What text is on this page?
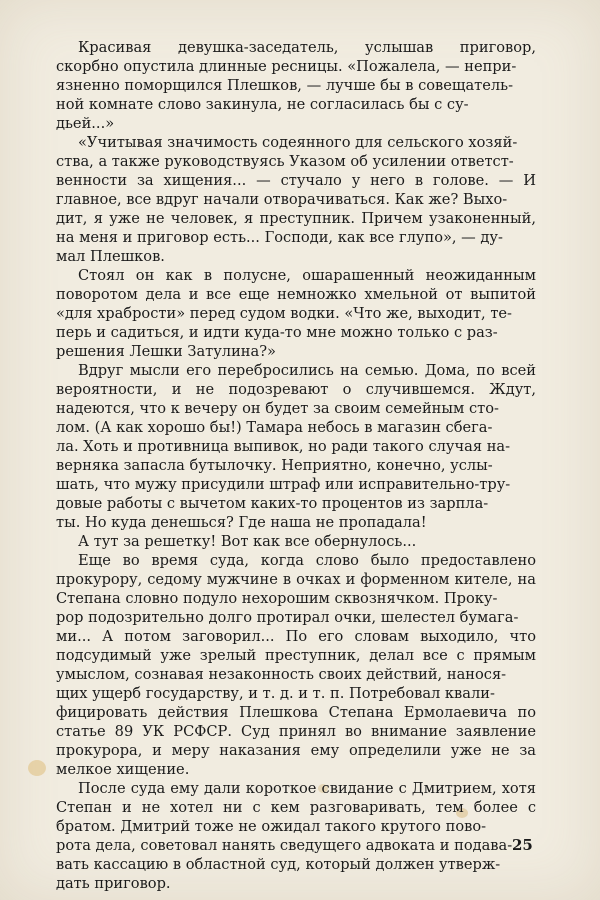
Красивая девушка-заседатель, услышав приговор, скорбно опустила длинные ресницы. «Пожалела, — непри-
язненно поморщился Плешков, — лучше бы в совещатель-
ной комнате слово закинула, не согласилась бы с су-
дьей...»

«Учитывая значимость содеянного для сельского хозяй-
ства, а также руководствуясь Указом об усилении ответст-
венности за хищения... — стучало у него в голове. — И главное, все вдруг начали отворачиваться. Как же? Выхо-
дит, я уже не человек, я преступник. Причем узаконенный, на меня и приговор есть... Господи, как все глупо», — ду-
мал Плешков.

Стоял он как в полусне, ошарашенный неожиданным поворотом дела и все еще немножко хмельной от выпитой «для храбрости» перед судом водки. «Что же, выходит, те-
перь и садиться, и идти куда-то мне можно только с раз-
решения Лешки Затулина?»

Вдруг мысли его перебросились на семью. Дома, по всей вероятности, и не подозревают о случившемся. Ждут, надеются, что к вечеру он будет за своим семейным сто-
лом. (А как хорошо бы!) Тамара небось в магазин сбега-
ла. Хоть и противница выпивок, но ради такого случая на-
верняка запасла бутылочку. Неприятно, конечно, услы-
шать, что мужу присудили штраф или исправительно-тру-
довые работы с вычетом каких-то процентов из зарпла-
ты. Но куда денешься? Где наша не пропадала!

А тут за решетку! Вот как все обернулось...

Еще во время суда, когда слово было предоставлено прокурору, седому мужчине в очках и форменном кителе, на Степана словно подуло нехорошим сквознячком. Проку-
рор подозрительно долго протирал очки, шелестел бумага-
ми... А потом заговорил... По его словам выходило, что подсудимый уже зрелый преступник, делал все с прямым умыслом, сознавая незаконность своих действий, нанося-
щих ущерб государству, и т. д. и т. п. Потребовал квали-
фицировать действия Плешкова Степана Ермолаевича по статье 89 УК РСФСР. Суд принял во внимание заявление прокурора, и меру наказания ему определили уже не за мелкое хищение.

После суда ему дали короткое свидание с Дмитрием, хотя Степан и не хотел ни с кем разговаривать, тем более с братом. Дмитрий тоже не ожидал такого крутого пово-
рота дела, советовал нанять сведущего адвоката и подава-
вать кассацию в областной суд, который должен утверж-
дать приговор.

25
